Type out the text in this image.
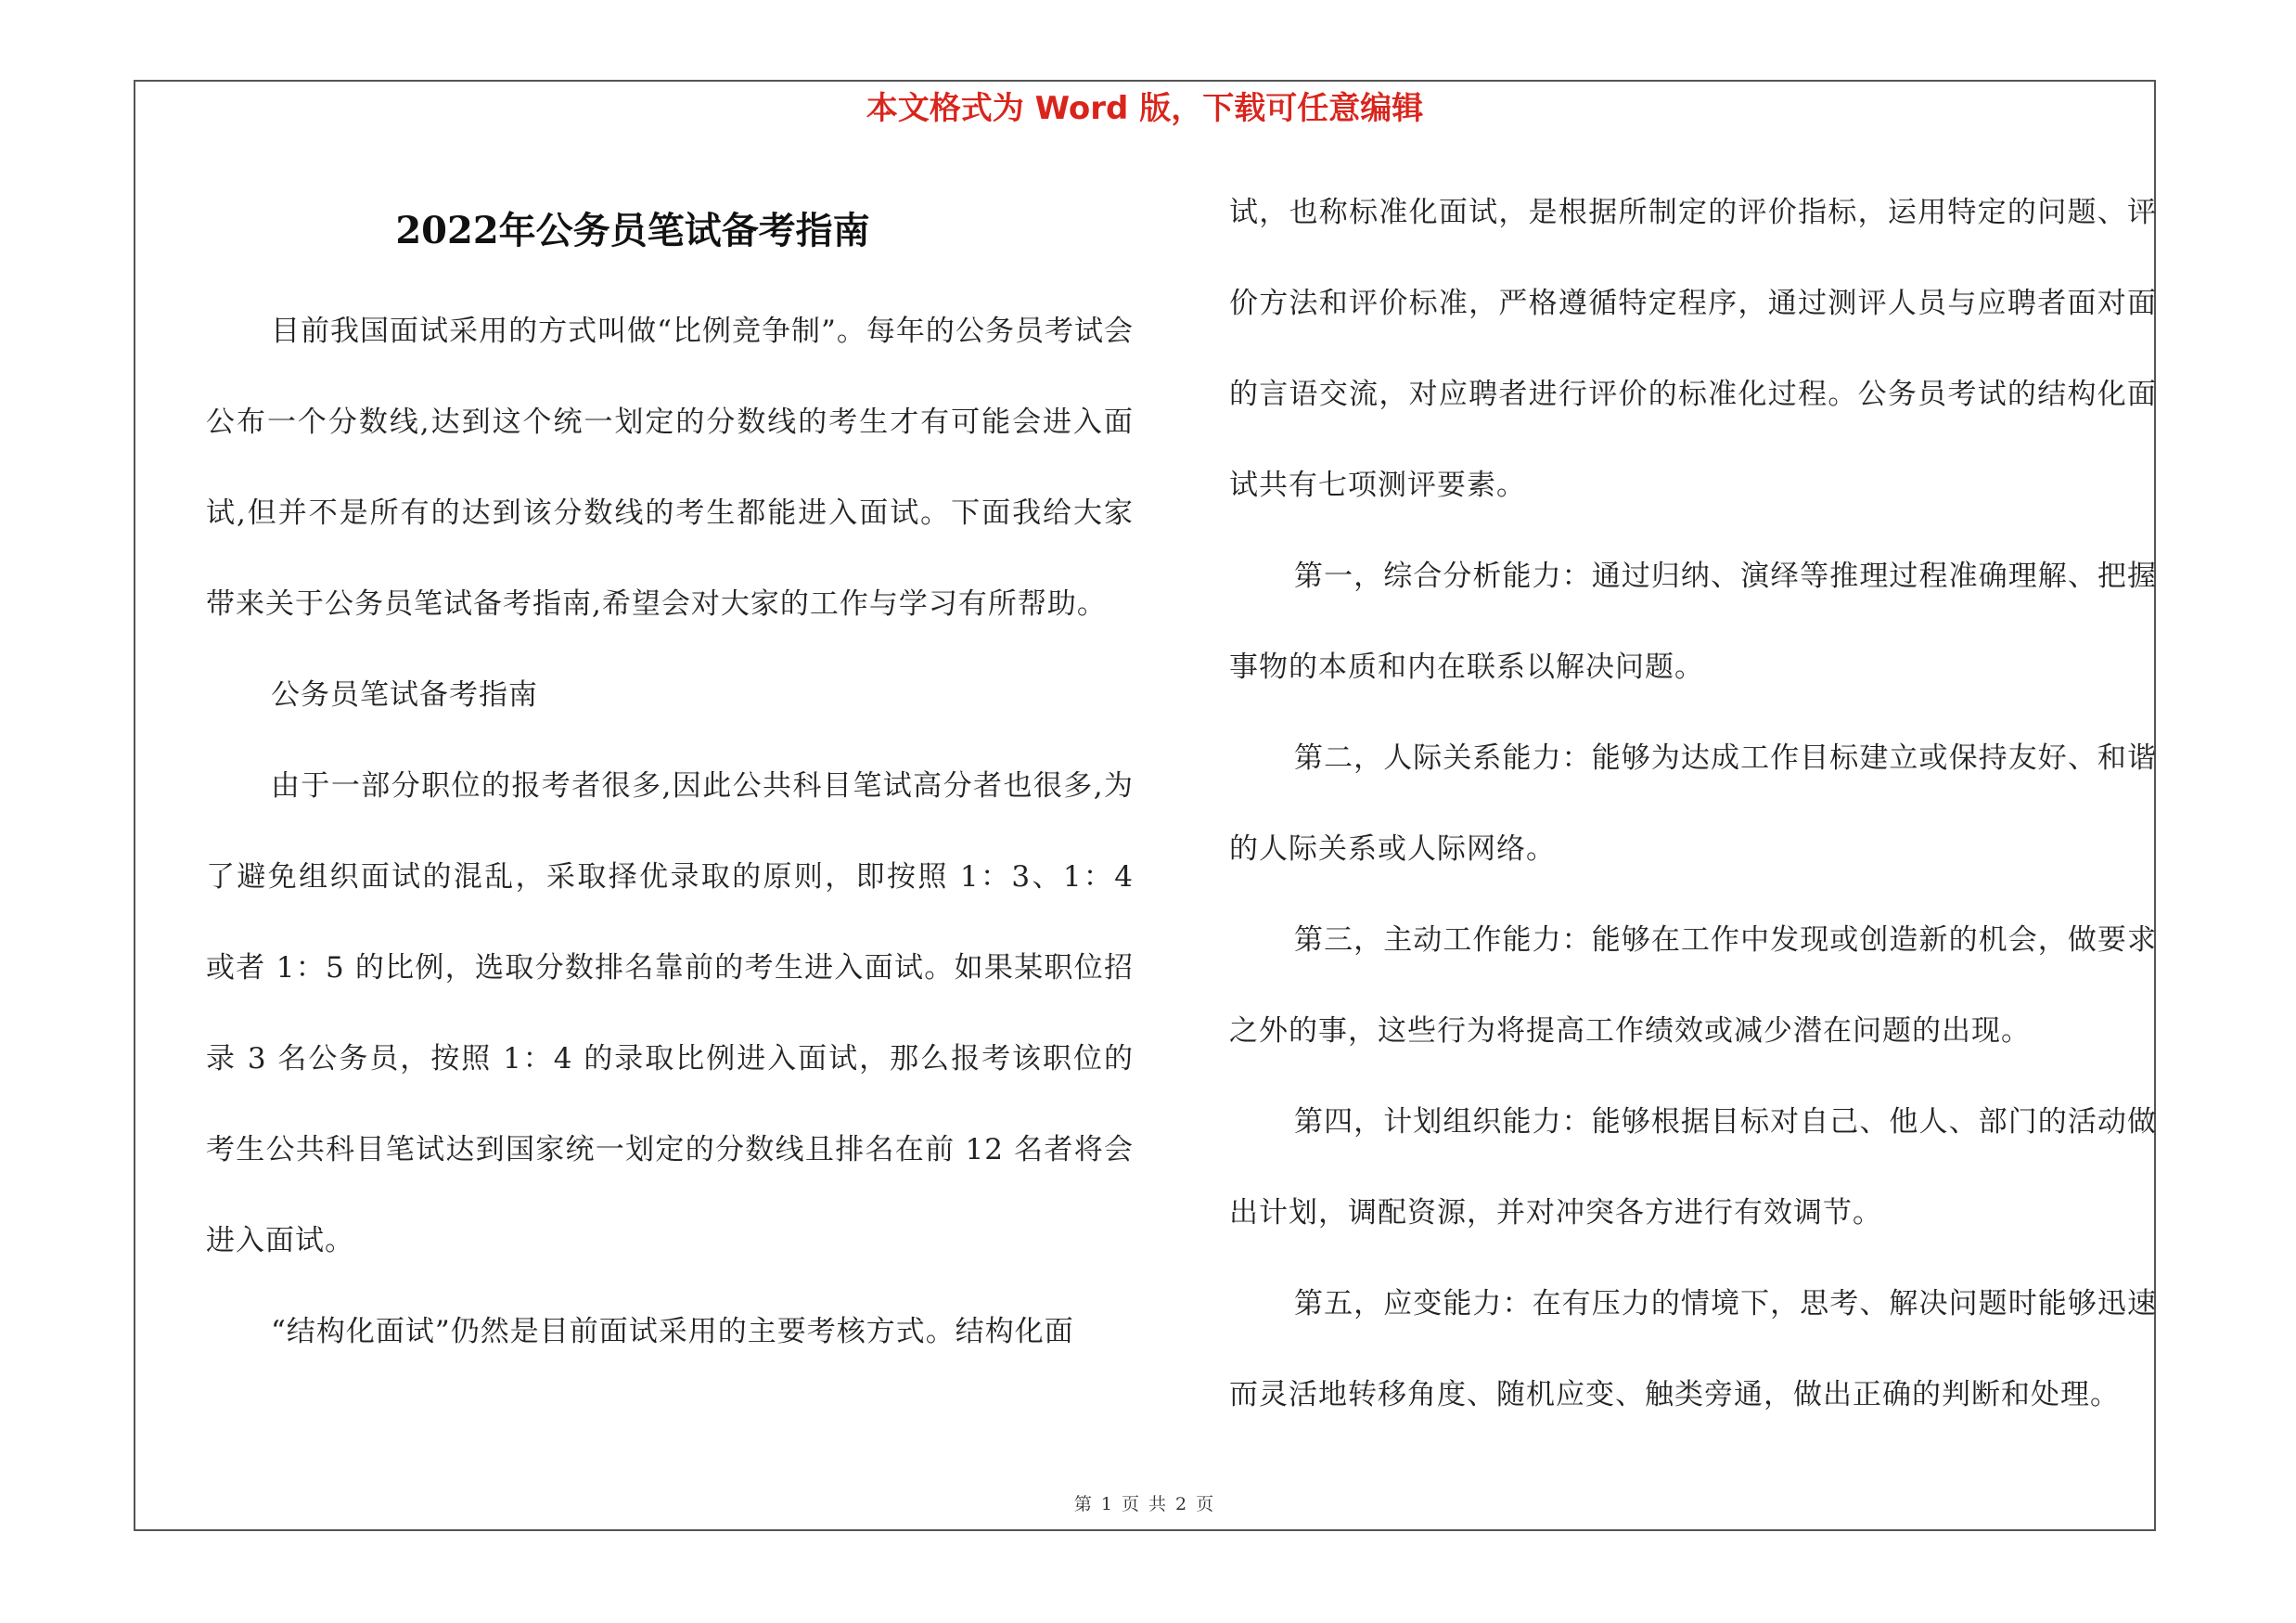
本文格式为 Word 版，下载可任意编辑
2022年公务员笔试备考指南

目前我国面试采用的方式叫做“比例竞争制”。每年的公务员考试会公布一个分数线,达到这个统一划定的分数线的考生才有可能会进入面试,但并不是所有的达到该分数线的考生都能进入面试。下面我给大家带来关于公务员笔试备考指南,希望会对大家的工作与学习有所帮助。

公务员笔试备考指南

由于一部分职位的报考者很多,因此公共科目笔试高分者也很多,为了避免组织面试的混乱，采取择优录取的原则，即按照 1：3、1：4 或者 1：5 的比例，选取分数排名靠前的考生进入面试。如果某职位招录 3 名公务员，按照 1：4 的录取比例进入面试，那么报考该职位的考生公共科目笔试达到国家统一划定的分数线且排名在前 12 名者将会进入面试。

“结构化面试”仍然是目前面试采用的主要考核方式。结构化面

试，也称标准化面试，是根据所制定的评价指标，运用特定的问题、评价方法和评价标准，严格遵循特定程序，通过测评人员与应聘者面对面的言语交流，对应聘者进行评价的标准化过程。公务员考试的结构化面试共有七项测评要素。

第一，综合分析能力：通过归纳、演绎等推理过程准确理解、把握事物的本质和内在联系以解决问题。

第二，人际关系能力：能够为达成工作目标建立或保持友好、和谐的人际关系或人际网络。

第三，主动工作能力：能够在工作中发现或创造新的机会，做要求之外的事，这些行为将提高工作绩效或减少潜在问题的出现。

第四，计划组织能力：能够根据目标对自己、他人、部门的活动做出计划，调配资源，并对冲突各方进行有效调节。

第五，应变能力：在有压力的情境下，思考、解决问题时能够迅速而灵活地转移角度、随机应变、触类旁通，做出正确的判断和处理。

第 1 页 共 2 页
